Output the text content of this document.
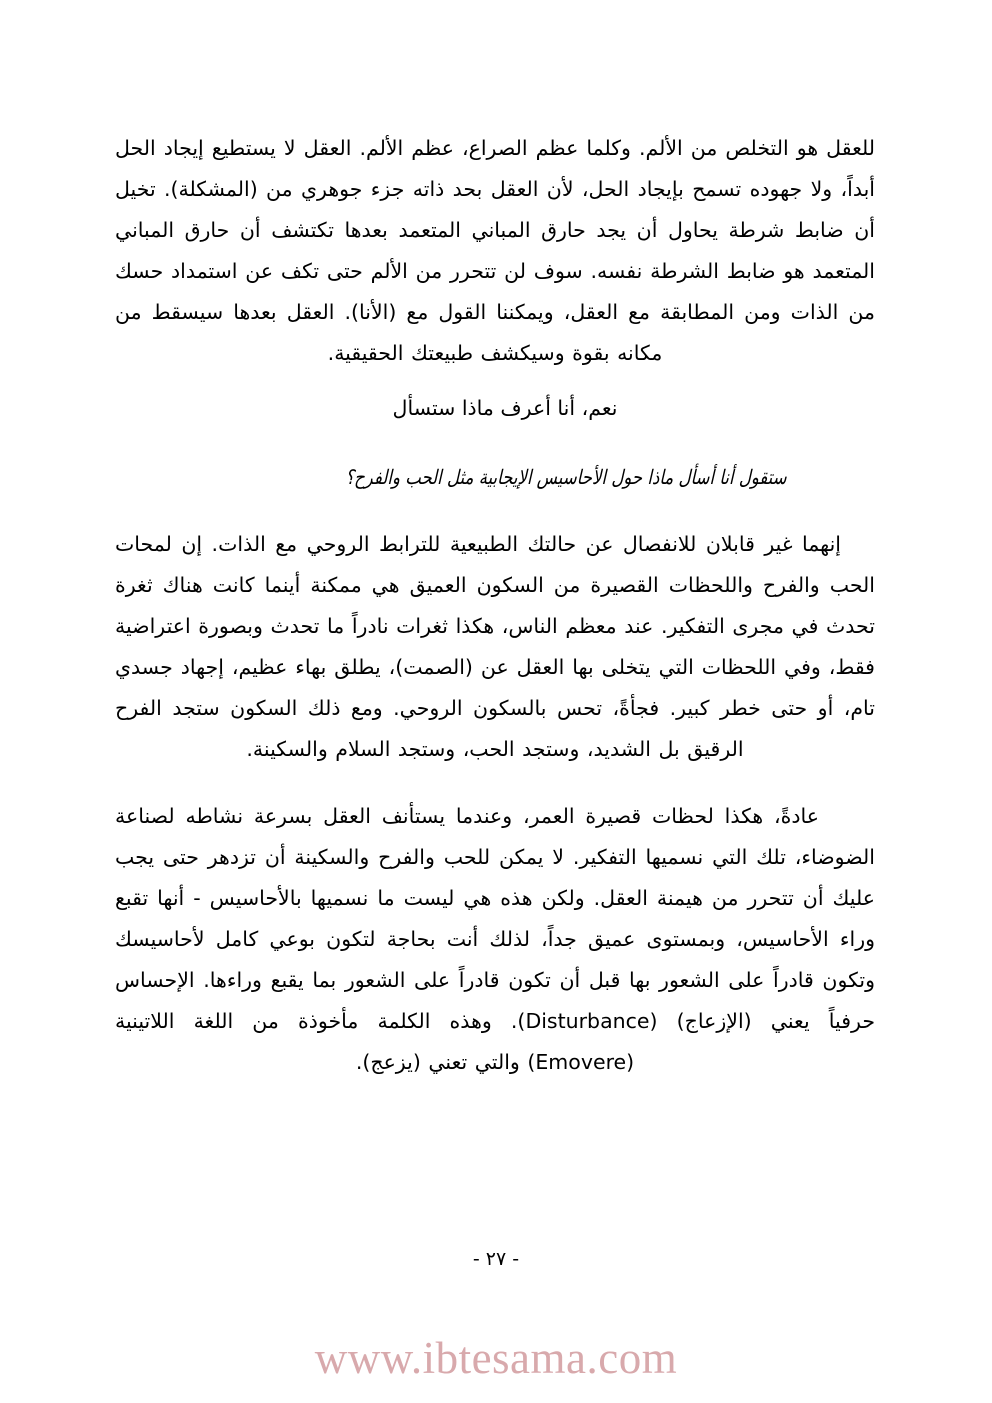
للعقل هو التخلص من الألم. وكلما عظم الصراع، عظم الألم. العقل لا يستطيع إيجاد الحل أبداً، ولا جهوده تسمح بإيجاد الحل، لأن العقل بحد ذاته جزء جوهري من (المشكلة). تخيل أن ضابط شرطة يحاول أن يجد حارق المباني المتعمد بعدها تكتشف أن حارق المباني المتعمد هو ضابط الشرطة نفسه. سوف لن تتحرر من الألم حتى تكف عن استمداد حسك من الذات ومن المطابقة مع العقل، ويمكننا القول مع (الأنا). العقل بعدها سيسقط من مكانه بقوة وسيكشف طبيعتك الحقيقية.

نعم، أنا أعرف ماذا ستسأل

ستقول أنا أسأل ماذا حول الأحاسيس الإيجابية مثل الحب والفرح؟

إنهما غير قابلان للانفصال عن حالتك الطبيعية للترابط الروحي مع الذات. إن لمحات الحب والفرح واللحظات القصيرة من السكون العميق هي ممكنة أينما كانت هناك ثغرة تحدث في مجرى التفكير. عند معظم الناس، هكذا ثغرات نادراً ما تحدث وبصورة اعتراضية فقط، وفي اللحظات التي يتخلى بها العقل عن (الصمت)، يطلق بهاء عظيم، إجهاد جسدي تام، أو حتى خطر كبير. فجأةً، تحس بالسكون الروحي. ومع ذلك السكون ستجد الفرح الرقيق بل الشديد، وستجد الحب، وستجد السلام والسكينة.

عادةً، هكذا لحظات قصيرة العمر، وعندما يستأنف العقل بسرعة نشاطه لصناعة الضوضاء، تلك التي نسميها التفكير. لا يمكن للحب والفرح والسكينة أن تزدهر حتى يجب عليك أن تتحرر من هيمنة العقل. ولكن هذه هي ليست ما نسميها بالأحاسيس - أنها تقبع وراء الأحاسيس، وبمستوى عميق جداً، لذلك أنت بحاجة لتكون بوعي كامل لأحاسيسك وتكون قادراً على الشعور بها قبل أن تكون قادراً على الشعور بما يقبع وراءها. الإحساس حرفياً يعني (الإزعاج) (Disturbance). وهذه الكلمة مأخوذة من اللغة اللاتينية (Emovere) والتي تعني (يزعج).

- ٢٧ -
www.ibtesama.com
